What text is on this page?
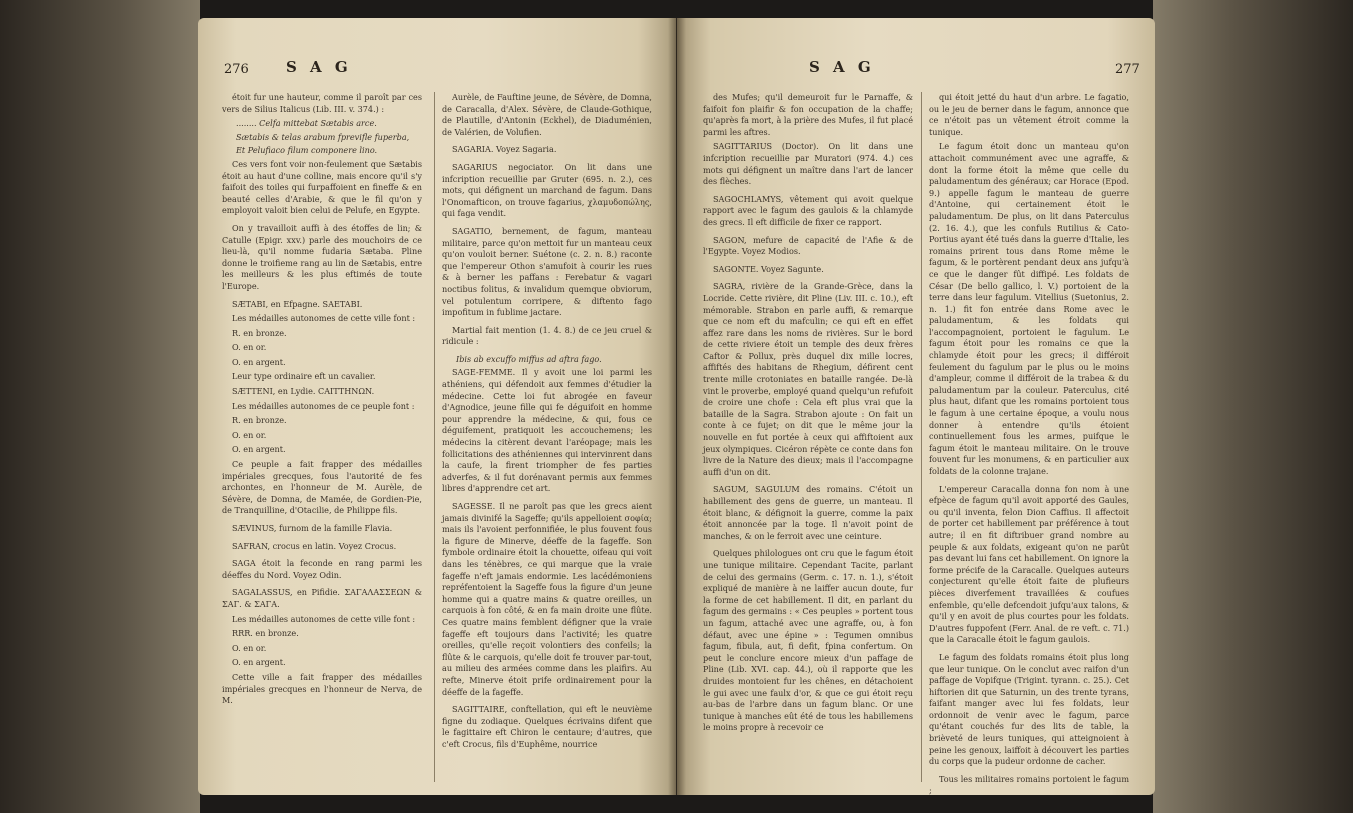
276 S A G

étoit fur une hauteur, comme il paroît par ces vers de Silius Italicus (Lib. III. v. 374.) :

........ Celfa mittebat Sætabis arce.

Sætabis & telas arabum fprevifle fuperba,

Et Pelufiaco filum componere lino.

Ces vers font voir non-feulement que Sætabis étoit au haut d'une colline, mais encore qu'il s'y faifoit des toiles qui furpaffoient en fineffe & en beauté celles d'Arabie, & que le fil qu'on y employoit valoit bien celui de Pelufe, en Egypte.

On y travailloit auffi à des étoffes de lin; & Catulle (Epigr. xxv.) parle des mouchoirs de ce lieu-là, qu'il nomme fudaria Sætaba. Pline donne le troifieme rang au lin de Sætabis, entre les meilleurs & les plus eftimés de toute l'Europe.

SÆTABI, en Efpagne. SAETABI.

Les médailles autonomes de cette ville font :

R. en bronze.

O. en or.

O. en argent.

Leur type ordinaire eft un cavalier.

SÆTTENI, en Lydie. CAITTHNΩN.

Les médailles autonomes de ce peuple font :

R. en bronze.

O. en or.

O. en argent.

Ce peuple a fait frapper des médailles impériales grecques, fous l'autorité de fes archontes, en l'honneur de M. Aurèle, de Sévère, de Domna, de Mamée, de Gordien-Pie, de Tranquilline, d'Otacilie, de Philippe fils.

SÆVINUS, furnom de la famille Flavia.

SAFRAN, crocus en latin. Voyez Crocus.

SAGA étoit la feconde en rang parmi les déeffes du Nord. Voyez Odin.

SAGALASSUS, en Pifidie. ΣΑΓΑΛΑΣΣΕΩΝ & ΣΑΓ. & ΣΑΓΑ.

Les médailles autonomes de cette ville font :

RRR. en bronze.

O. en or.

O. en argent.

Cette ville a fait frapper des médailles impériales grecques en l'honneur de Nerva, de M.

Aurèle, de Fauftine jeune, de Sévère, de Domna, de Caracalla, d'Alex. Sévère, de Claude-Gothique, de Plautille, d'Antonin (Eckhel), de Diaduménien, de Valérien, de Volufien.

SAGARIA. Voyez Sagaria.

SAGARIUS negociator. On lit dans une infcription recueillie par Gruter (695. n. 2.), ces mots, qui défignent un marchand de fagum. Dans l'Onomafticon, on trouve fagarius, χλαμυδοπώλης, qui faga vendit.

SAGATIO, bernement, de fagum, manteau militaire, parce qu'on mettoit fur un manteau ceux qu'on vouloit berner. Suétone (c. 2. n. 8.) raconte que l'empereur Othon s'amufoit à courir les rues & à berner les paffans : Ferebatur & vagari noctibus folitus, & invalidum quemque obviorum, vel potulentum corripere, & diftento fago impofitum in fublime jactare.

Martial fait mention (1. 4. 8.) de ce jeu cruel & ridicule :

Ibis ab excuffo miffus ad aftra fago.

SAGE-FEMME. Il y avoit une loi parmi les athéniens, qui défendoit aux femmes d'étudier la médecine. Cette loi fut abrogée en faveur d'Agnodice, jeune fille qui fe déguifoit en homme pour apprendre la médecine, & qui, fous ce déguifement, pratiquoit les accouchemens; les médecins la citèrent devant l'aréopage; mais les follicitations des athéniennes qui intervinrent dans la caufe, la firent triompher de fes parties adverfes, & il fut dorénavant permis aux femmes libres d'apprendre cet art.

SAGESSE. Il ne paroît pas que les grecs aient jamais divinifé la Sageffe; qu'ils appelloient σοφία; mais ils l'avoient perfonnifiée, le plus fouvent fous la figure de Minerve, déeffe de la fageffe. Son fymbole ordinaire étoit la chouette, oifeau qui voit dans les ténèbres, ce qui marque que la vraie fageffe n'eft jamais endormie. Les lacédémoniens repréfentoient la Sageffe fous la figure d'un jeune homme qui a quatre mains & quatre oreilles, un carquois à fon côté, & en fa main droite une flûte. Ces quatre mains femblent défigner que la vraie fageffe eft toujours dans l'activité; les quatre oreilles, qu'elle reçoit volontiers des confeils; la flûte & le carquois, qu'elle doit fe trouver par-tout, au milieu des armées comme dans les plaifirs. Au refte, Minerve étoit prife ordinairement pour la déeffe de la fageffe.

SAGITTAIRE, conftellation, qui eft le neuvième figne du zodiaque. Quelques écrivains difent que le fagittaire eft Chiron le centaure; d'autres, que c'eft Crocus, fils d'Euphême, nourrice

S A G	277

des Mufes; qu'il demeuroit fur le Parnaffe, & faifoit fon plaifir & fon occupation de la chaffe; qu'après fa mort, à la prière des Mufes, il fut placé parmi les aftres.

SAGITTARIUS (Doctor). On lit dans une infcription recueillie par Muratori (974. 4.) ces mots qui défignent un maître dans l'art de lancer des flèches.

SAGOCHLAMYS, vêtement qui avoit quelque rapport avec le fagum des gaulois & la chlamyde des grecs. Il eft difficile de fixer ce rapport.

SAGON, mefure de capacité de l'Afie & de l'Egypte. Voyez Modios.

SAGONTE. Voyez Sagunte.

SAGRA, rivière de la Grande-Grèce, dans la Locride. Cette rivière, dit Pline (Liv. III. c. 10.), eft mémorable. Strabon en parle auffi, & remarque que ce nom eft du mafculin; ce qui eft en effet affez rare dans les noms de rivières. Sur le bord de cette riviere étoit un temple des deux frères Caftor & Pollux, près duquel dix mille locres, affiftés des habitans de Rhegium, défirent cent trente mille crotoniates en bataille rangée. De-là vint le proverbe, employé quand quelqu'un refufoit de croire une chofe : Cela eft plus vrai que la bataille de la Sagra. Strabon ajoute : On fait un conte à ce fujet; on dit que le même jour la nouvelle en fut portée à ceux qui affiftoient aux jeux olympiques. Cicéron répète ce conte dans fon livre de la Nature des dieux; mais il l'accompagne auffi d'un on dit.

SAGUM, SAGULUM des romains. C'étoit un habillement des gens de guerre, un manteau. Il étoit blanc, & défignoit la guerre, comme la paix étoit annoncée par la toge. Il n'avoit point de manches, & on le ferroit avec une ceinture.

Quelques philologues ont cru que le fagum étoit une tunique militaire. Cependant Tacite, parlant de celui des germains (Germ. c. 17. n. 1.), s'étoit expliqué de manière à ne laiffer aucun doute, fur la forme de cet habillement. Il dit, en parlant du fagum des germains : « Ces peuples » portent tous un fagum, attaché avec une agraffe, ou, à fon défaut, avec une épine » : Tegumen omnibus fagum, fibula, aut, fi defit, fpina confertum. On peut le conclure encore mieux d'un paffage de Pline (Lib. XVI. cap. 44.), où il rapporte que les druides montoient fur les chênes, en détachoient le gui avec une faulx d'or, & que ce gui étoit reçu au-bas de l'arbre dans un fagum blanc. Or une tunique à manches eût été de tous les habillemens le moins propre à recevoir ce

qui étoit jetté du haut d'un arbre. Le fagatio, ou le jeu de berner dans le fagum, annonce que ce n'étoit pas un vêtement étroit comme la tunique.

Le fagum étoit donc un manteau qu'on attachoit communément avec une agraffe, & dont la forme étoit la même que celle du paludamentum des généraux; car Horace (Epod. 9.) appelle fagum le manteau de guerre d'Antoine, qui certainement étoit le paludamentum. De plus, on lit dans Paterculus (2. 16. 4.), que les confuls Rutilius & Cato-Portius ayant été tués dans la guerre d'Italie, les romains prirent tous dans Rome même le fagum, & le portèrent pendant deux ans jufqu'à ce que le danger fût diffipé. Les foldats de César (De bello gallico, l. V.) portoient de la terre dans leur fagulum. Vitellius (Suetonius, 2. n. 1.) fit fon entrée dans Rome avec le paludamentum, & les foldats qui l'accompagnoient, portoient le fagulum. Le fagum étoit pour les romains ce que la chlamyde étoit pour les grecs; il différoit feulement du fagulum par le plus ou le moins d'ampleur, comme il différoit de la trabea & du paludamentum par la couleur. Paterculus, cité plus haut, difant que les romains portoient tous le fagum à une certaine époque, a voulu nous donner à entendre qu'ils étoient continuellement fous les armes, puifque le fagum étoit le manteau militaire. On le trouve fouvent fur les monumens, & en particulier aux foldats de la colonne trajane.

L'empereur Caracalla donna fon nom à une efpèce de fagum qu'il avoit apporté des Gaules, ou qu'il inventa, felon Dion Caffius. Il affectoit de porter cet habillement par préférence à tout autre; il en fit diftribuer grand nombre au peuple & aux foldats, exigeant qu'on ne parût pas devant lui fans cet habillement. On ignore la forme précife de la Caracalle. Quelques auteurs conjecturent qu'elle étoit faite de plufieurs pièces diverfement travaillées & coufues enfemble, qu'elle defcendoit jufqu'aux talons, & qu'il y en avoit de plus courtes pour les foldats. D'autres fuppofent (Ferr. Anal. de re veft. c. 71.) que la Caracalle étoit le fagum gaulois.

Le fagum des foldats romains étoit plus long que leur tunique. On le conclut avec raifon d'un paffage de Vopifque (Trigint. tyrann. c. 25.). Cet hiftorien dit que Saturnin, un des trente tyrans, faifant manger avec lui fes foldats, leur ordonnoit de venir avec le fagum, parce qu'étant couchés fur des lits de table, la brièveté de leurs tuniques, qui atteignoient à peine les genoux, laiffoit à découvert les parties du corps que la pudeur ordonne de cacher.

Tous les militaires romains portoient le fagum ;
